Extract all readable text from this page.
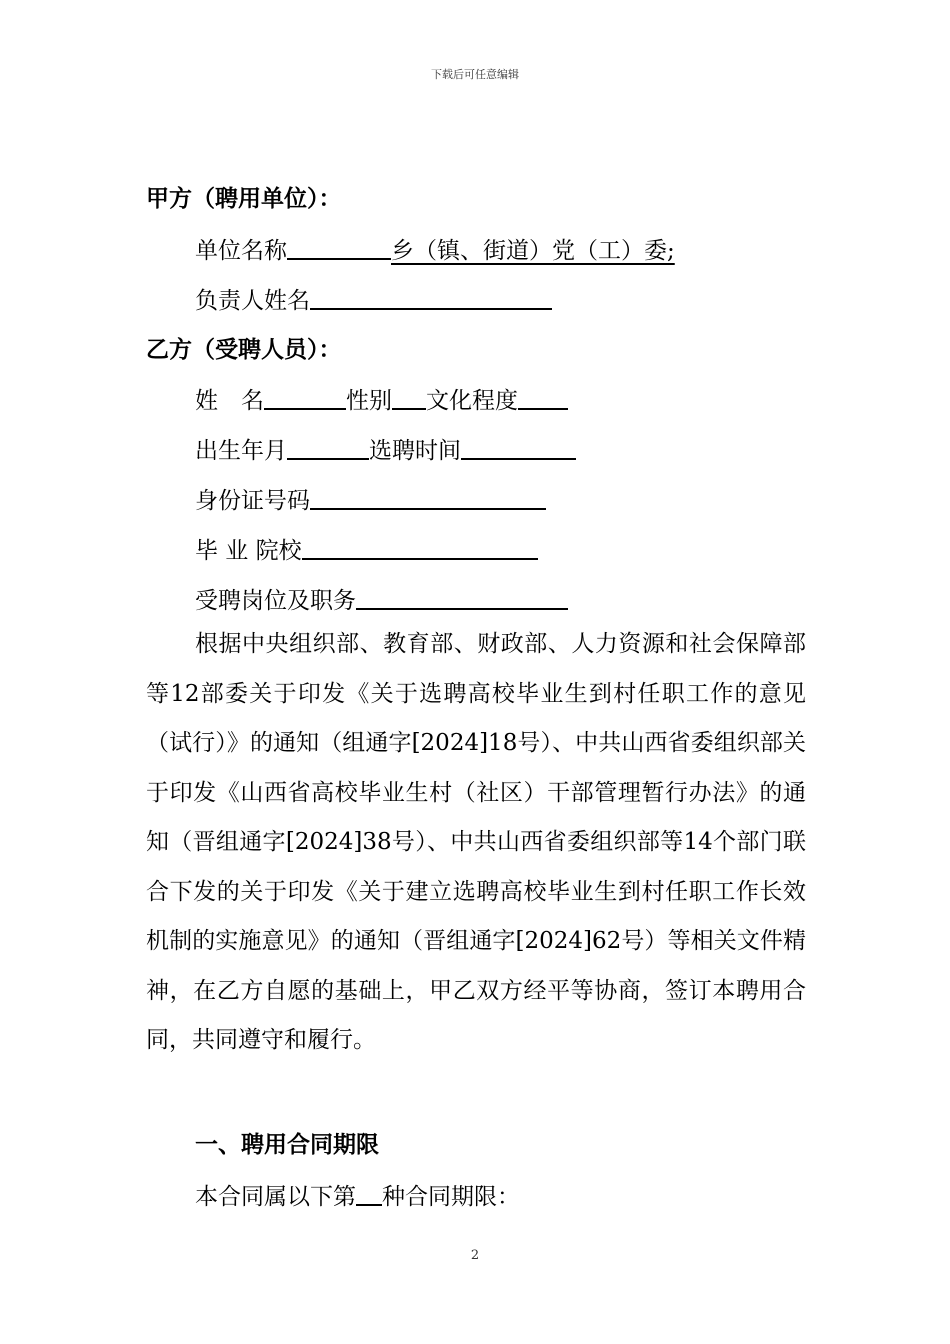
下载后可任意编辑
甲方（聘用单位）：
单位名称	乡（镇、街道）党（工）委;
负责人姓名
乙方（受聘人员）：
姓　名	性别 文化程度
出生年月	选聘时间
身份证号码
毕 业 院校
受聘岗位及职务
根据中央组织部、教育部、财政部、人力资源和社会保障部等12部委关于印发《关于选聘高校毕业生到村任职工作的意见（试行）》的通知（组通字[2024]18号）、中共山西省委组织部关于印发《山西省高校毕业生村（社区）干部管理暂行办法》的通知（晋组通字[2024]38号）、中共山西省委组织部等14个部门联合下发的关于印发《关于建立选聘高校毕业生到村任职工作长效机制的实施意见》的通知（晋组通字[2024]62号）等相关文件精神，在乙方自愿的基础上，甲乙双方经平等协商，签订本聘用合同，共同遵守和履行。
一、聘用合同期限
本合同属以下第 种合同期限：
2
